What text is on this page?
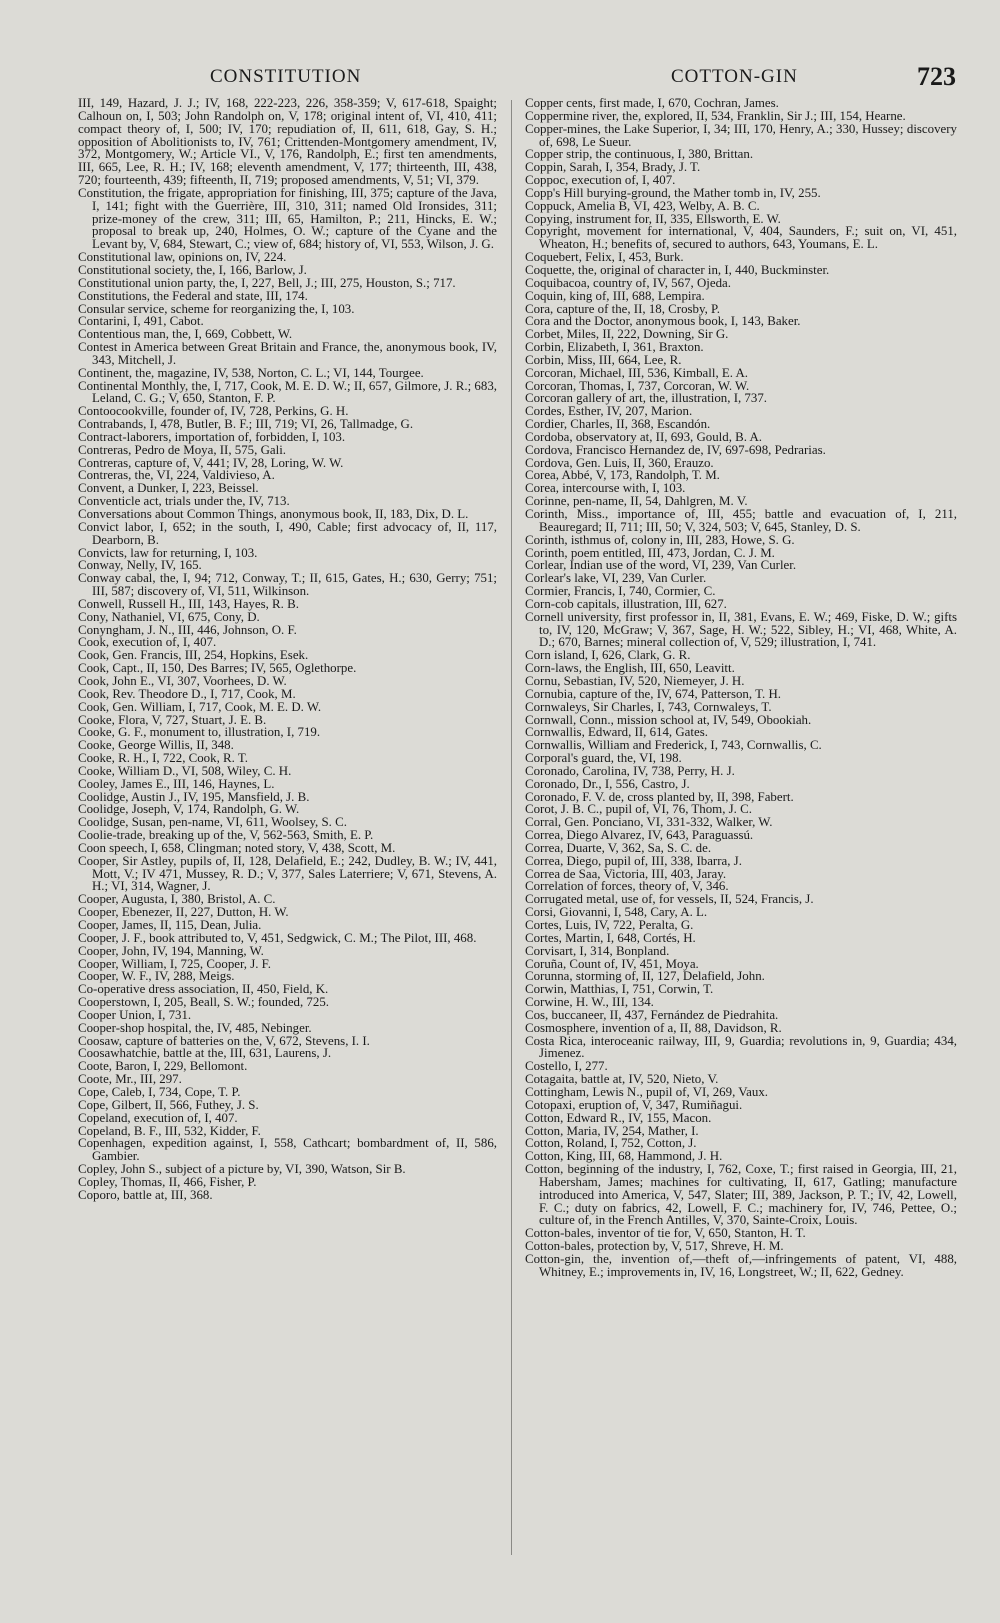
CONSTITUTION	COTTON-GIN	723

III, 149, Hazard, J. J.; IV, 168, 222-223, 226, 358-359; V, 617-618, Spaight; Calhoun on, I, 503; John Randolph on, V, 178; original intent of, VI, 410, 411; compact theory of, I, 500; IV, 170; repudiation of, II, 611, 618, Gay, S. H.; opposition of Abolitionists to, IV, 761; Crittenden-Montgomery amendment, IV, 372, Montgomery, W.; Article VI., V, 176, Randolph, E.; first ten amendments, III, 665, Lee, R. H.; IV, 168; eleventh amendment, V, 177; thirteenth, III, 438, 720; fourteenth, 439; fifteenth, II, 719; proposed amendments, V, 51; VI, 379.

Constitution, the frigate, appropriation for finishing, III, 375; capture of the Java, I, 141; fight with the Guerrière, III, 310, 311; named Old Ironsides, 311; prize-money of the crew, 311; III, 65, Hamilton, P.; 211, Hincks, E. W.; proposal to break up, 240, Holmes, O. W.; capture of the Cyane and the Levant by, V, 684, Stewart, C.; view of, 684; history of, VI, 553, Wilson, J. G.

Constitutional law, opinions on, IV, 224.

Constitutional society, the, I, 166, Barlow, J.

Constitutional union party, the, I, 227, Bell, J.; III, 275, Houston, S.; 717.

Constitutions, the Federal and state, III, 174.

Consular service, scheme for reorganizing the, I, 103.

Contarini, I, 491, Cabot.

Contentious man, the, I, 669, Cobbett, W.

Contest in America between Great Britain and France, the, anonymous book, IV, 343, Mitchell, J.

Continent, the, magazine, IV, 538, Norton, C. L.; VI, 144, Tourgee.

Continental Monthly, the, I, 717, Cook, M. E. D. W.; II, 657, Gilmore, J. R.; 683, Leland, C. G.; V, 650, Stanton, F. P.

Contoocookville, founder of, IV, 728, Perkins, G. H.

Contrabands, I, 478, Butler, B. F.; III, 719; VI, 26, Tallmadge, G.

Contract-laborers, importation of, forbidden, I, 103.

Contreras, Pedro de Moya, II, 575, Gali.

Contreras, capture of, V, 441; IV, 28, Loring, W. W.

Contreras, the, VI, 224, Valdivieso, A.

Convent, a Dunker, I, 223, Beissel.

Conventicle act, trials under the, IV, 713.

Conversations about Common Things, anonymous book, II, 183, Dix, D. L.

Convict labor, I, 652; in the south, I, 490, Cable; first advocacy of, II, 117, Dearborn, B.

Convicts, law for returning, I, 103.

Conway, Nelly, IV, 165.

Conway cabal, the, I, 94; 712, Conway, T.; II, 615, Gates, H.; 630, Gerry; 751; III, 587; discovery of, VI, 511, Wilkinson.

Conwell, Russell H., III, 143, Hayes, R. B.

Cony, Nathaniel, VI, 675, Cony, D.

Conyngham, J. N., III, 446, Johnson, O. F.

Cook, execution of, I, 407.

Cook, Gen. Francis, III, 254, Hopkins, Esek.

Cook, Capt., II, 150, Des Barres; IV, 565, Oglethorpe.

Cook, John E., VI, 307, Voorhees, D. W.

Cook, Rev. Theodore D., I, 717, Cook, M.

Cook, Gen. William, I, 717, Cook, M. E. D. W.

Cooke, Flora, V, 727, Stuart, J. E. B.

Cooke, G. F., monument to, illustration, I, 719.

Cooke, George Willis, II, 348.

Cooke, R. H., I, 722, Cook, R. T.

Cooke, William D., VI, 508, Wiley, C. H.

Cooley, James E., III, 146, Haynes, L.

Coolidge, Austin J., IV, 195, Mansfield, J. B.

Coolidge, Joseph, V, 174, Randolph, G. W.

Coolidge, Susan, pen-name, VI, 611, Woolsey, S. C.

Coolie-trade, breaking up of the, V, 562-563, Smith, E. P.

Coon speech, I, 658, Clingman; noted story, V, 438, Scott, M.

Cooper, Sir Astley, pupils of, II, 128, Delafield, E.; 242, Dudley, B. W.; IV, 441, Mott, V.; IV 471, Mussey, R. D.; V, 377, Sales Laterriere; V, 671, Stevens, A. H.; VI, 314, Wagner, J.

Cooper, Augusta, I, 380, Bristol, A. C.

Cooper, Ebenezer, II, 227, Dutton, H. W.

Cooper, James, II, 115, Dean, Julia.

Cooper, J. F., book attributed to, V, 451, Sedgwick, C. M.; The Pilot, III, 468.

Cooper, John, IV, 194, Manning, W.

Cooper, William, I, 725, Cooper, J. F.

Cooper, W. F., IV, 288, Meigs.

Co-operative dress association, II, 450, Field, K.

Cooperstown, I, 205, Beall, S. W.; founded, 725.

Cooper Union, I, 731.

Cooper-shop hospital, the, IV, 485, Nebinger.

Coosaw, capture of batteries on the, V, 672, Stevens, I. I.

Coosawhatchie, battle at the, III, 631, Laurens, J.

Coote, Baron, I, 229, Bellomont.

Coote, Mr., III, 297.

Cope, Caleb, I, 734, Cope, T. P.

Cope, Gilbert, II, 566, Futhey, J. S.

Copeland, execution of, I, 407.

Copeland, B. F., III, 532, Kidder, F.

Copenhagen, expedition against, I, 558, Cathcart; bombardment of, II, 586, Gambier.

Copley, John S., subject of a picture by, VI, 390, Watson, Sir B.

Copley, Thomas, II, 466, Fisher, P.

Coporo, battle at, III, 368.

Copper cents, first made, I, 670, Cochran, James.

Coppermine river, the, explored, II, 534, Franklin, Sir J.; III, 154, Hearne.

Copper-mines, the Lake Superior, I, 34; III, 170, Henry, A.; 330, Hussey; discovery of, 698, Le Sueur.

Copper strip, the continuous, I, 380, Brittan.

Coppin, Sarah, I, 354, Brady, J. T.

Coppoc, execution of, I, 407.

Copp's Hill burying-ground, the Mather tomb in, IV, 255.

Coppuck, Amelia B, VI, 423, Welby, A. B. C.

Copying, instrument for, II, 335, Ellsworth, E. W.

Copyright, movement for international, V, 404, Saunders, F.; suit on, VI, 451, Wheaton, H.; benefits of, secured to authors, 643, Youmans, E. L.

Coquebert, Felix, I, 453, Burk.

Coquette, the, original of character in, I, 440, Buckminster.

Coquibacoa, country of, IV, 567, Ojeda.

Coquin, king of, III, 688, Lempira.

Cora, capture of the, II, 18, Crosby, P.

Cora and the Doctor, anonymous book, I, 143, Baker.

Corbet, Miles, II, 222, Downing, Sir G.

Corbin, Elizabeth, I, 361, Braxton.

Corbin, Miss, III, 664, Lee, R.

Corcoran, Michael, III, 536, Kimball, E. A.

Corcoran, Thomas, I, 737, Corcoran, W. W.

Corcoran gallery of art, the, illustration, I, 737.

Cordes, Esther, IV, 207, Marion.

Cordier, Charles, II, 368, Escandón.

Cordoba, observatory at, II, 693, Gould, B. A.

Cordova, Francisco Hernandez de, IV, 697-698, Pedrarias.

Cordova, Gen. Luis, II, 360, Erauzo.

Corea, Abbé, V, 173, Randolph, T. M.

Corea, intercourse with, I, 103.

Corinne, pen-name, II, 54, Dahlgren, M. V.

Corinth, Miss., importance of, III, 455; battle and evacuation of, I, 211, Beauregard; II, 711; III, 50; V, 324, 503; V, 645, Stanley, D. S.

Corinth, isthmus of, colony in, III, 283, Howe, S. G.

Corinth, poem entitled, III, 473, Jordan, C. J. M.

Corlear, Indian use of the word, VI, 239, Van Curler.

Corlear's lake, VI, 239, Van Curler.

Cormier, Francis, I, 740, Cormier, C.

Corn-cob capitals, illustration, III, 627.

Cornell university, first professor in, II, 381, Evans, E. W.; 469, Fiske, D. W.; gifts to, IV, 120, McGraw; V, 367, Sage, H. W.; 522, Sibley, H.; VI, 468, White, A. D.; 670, Barnes; mineral collection of, V, 529; illustration, I, 741.

Corn island, I, 626, Clark, G. R.

Corn-laws, the English, III, 650, Leavitt.

Cornu, Sebastian, IV, 520, Niemeyer, J. H.

Cornubia, capture of the, IV, 674, Patterson, T. H.

Cornwaleys, Sir Charles, I, 743, Cornwaleys, T.

Cornwall, Conn., mission school at, IV, 549, Obookiah.

Cornwallis, Edward, II, 614, Gates.

Cornwallis, William and Frederick, I, 743, Cornwallis, C.

Corporal's guard, the, VI, 198.

Coronado, Carolina, IV, 738, Perry, H. J.

Coronado, Dr., I, 556, Castro, J.

Coronado, F. V. de, cross planted by, II, 398, Fabert.

Corot, J. B. C., pupil of, VI, 76, Thom, J. C.

Corral, Gen. Ponciano, VI, 331-332, Walker, W.

Correa, Diego Alvarez, IV, 643, Paraguassú.

Correa, Duarte, V, 362, Sa, S. C. de.

Correa, Diego, pupil of, III, 338, Ibarra, J.

Correa de Saa, Victoria, III, 403, Jaray.

Correlation of forces, theory of, V, 346.

Corrugated metal, use of, for vessels, II, 524, Francis, J.

Corsi, Giovanni, I, 548, Cary, A. L.

Cortes, Luis, IV, 722, Peralta, G.

Cortes, Martin, I, 648, Cortés, H.

Corvisart, I, 314, Bonpland.

Coruña, Count of, IV, 451, Moya.

Corunna, storming of, II, 127, Delafield, John.

Corwin, Matthias, I, 751, Corwin, T.

Corwine, H. W., III, 134.

Cos, buccaneer, II, 437, Fernández de Piedrahita.

Cosmosphere, invention of a, II, 88, Davidson, R.

Costa Rica, interoceanic railway, III, 9, Guardia; revolutions in, 9, Guardia; 434, Jimenez.

Costello, I, 277.

Cotagaita, battle at, IV, 520, Nieto, V.

Cottingham, Lewis N., pupil of, VI, 269, Vaux.

Cotopaxi, eruption of, V, 347, Rumiñagui.

Cotton, Edward R., IV, 155, Macon.

Cotton, Maria, IV, 254, Mather, I.

Cotton, Roland, I, 752, Cotton, J.

Cotton, King, III, 68, Hammond, J. H.

Cotton, beginning of the industry, I, 762, Coxe, T.; first raised in Georgia, III, 21, Habersham, James; machines for cultivating, II, 617, Gatling; manufacture introduced into America, V, 547, Slater; III, 389, Jackson, P. T.; IV, 42, Lowell, F. C.; duty on fabrics, 42, Lowell, F. C.; machinery for, IV, 746, Pettee, O.; culture of, in the French Antilles, V, 370, Sainte-Croix, Louis.

Cotton-bales, inventor of tie for, V, 650, Stanton, H. T.

Cotton-bales, protection by, V, 517, Shreve, H. M.

Cotton-gin, the, invention of,—theft of,—infringements of patent, VI, 488, Whitney, E.; improvements in, IV, 16, Longstreet, W.; II, 622, Gedney.
